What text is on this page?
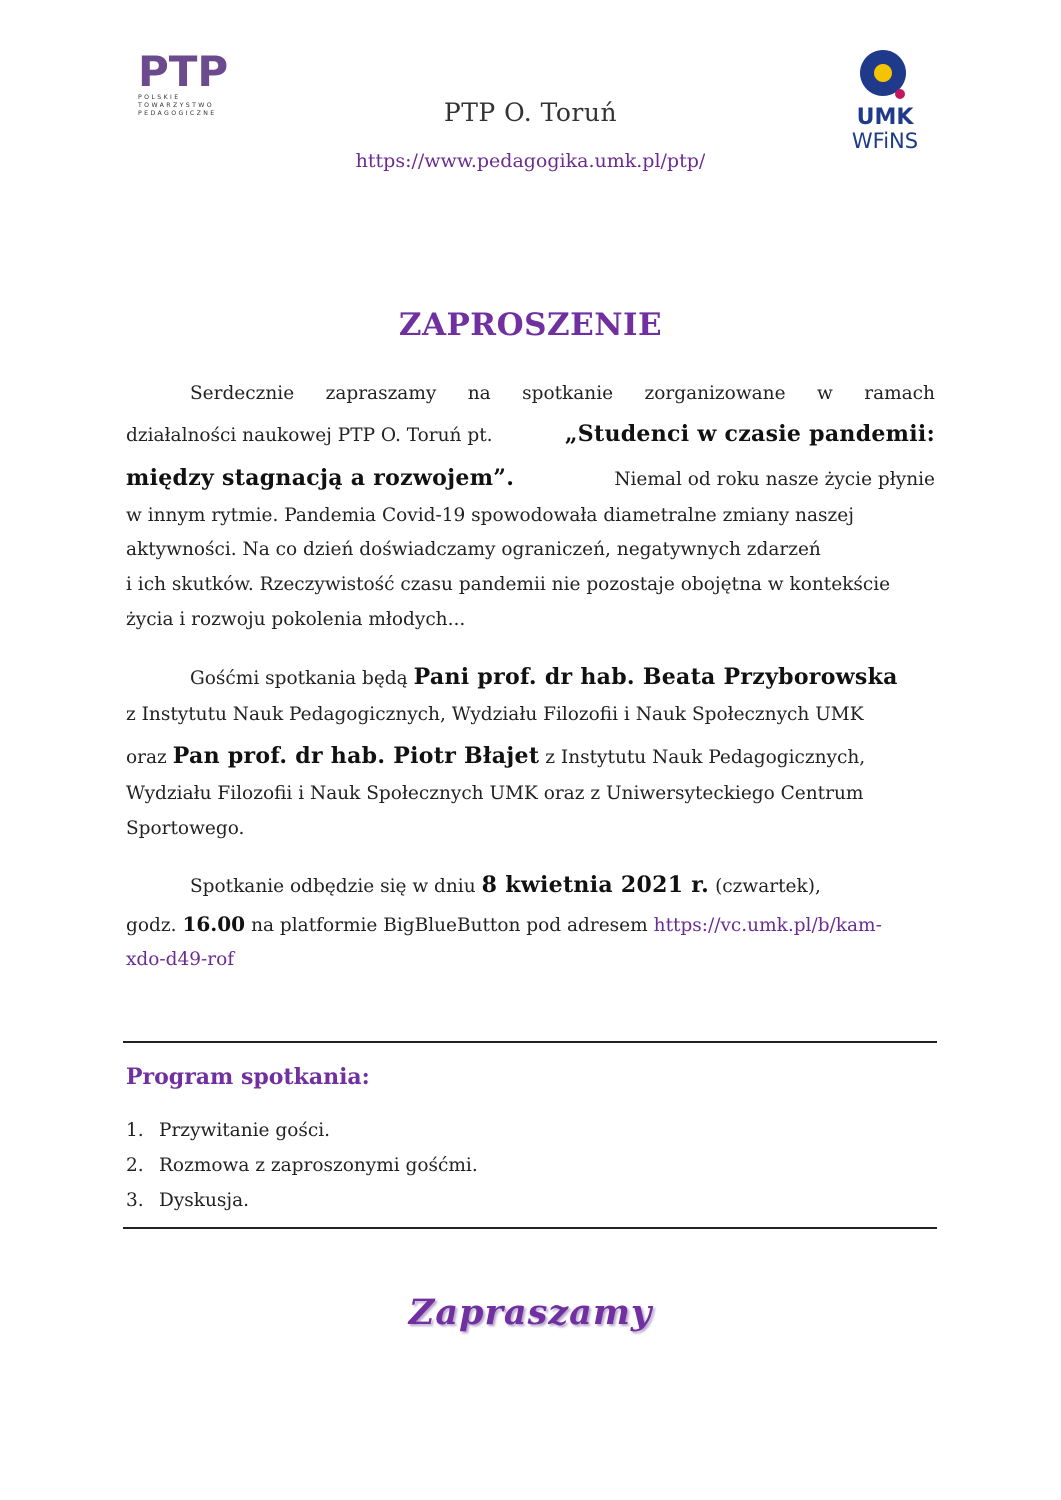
PTP
POLSKIE
TOWARZYSTWO
PEDAGOGICZNE	UMK
WFiNS
PTP O. Toruń
https://www.pedagogika.umk.pl/ptp/
ZAPROSZENIE
Serdecznie zapraszamy na spotkanie zorganizowane w ramach
działalności naukowej PTP O. Toruń pt.	„Studenci w czasie pandemii:
między stagnacją a rozwojem”.	Niemal od roku nasze życie płynie
w innym rytmie. Pandemia Covid-19 spowodowała diametralne zmiany naszej
aktywności. Na co dzień doświadczamy ograniczeń, negatywnych zdarzeń
i ich skutków. Rzeczywistość czasu pandemii nie pozostaje obojętna w kontekście
życia i rozwoju pokolenia młodych...
Gośćmi spotkania będą Pani prof. dr hab. Beata Przyborowska
z Instytutu Nauk Pedagogicznych, Wydziału Filozofii i Nauk Społecznych UMK
oraz Pan prof. dr hab. Piotr Błajet z Instytutu Nauk Pedagogicznych,
Wydziału Filozofii i Nauk Społecznych UMK oraz z Uniwersyteckiego Centrum
Sportowego.
Spotkanie odbędzie się w dniu 8 kwietnia 2021 r. (czwartek),
godz. 16.00 na platformie BigBlueButton pod adresem https://vc.umk.pl/b/kam-
xdo-d49-rof
Program spotkania:
1. Przywitanie gości.
2. Rozmowa z zaproszonymi gośćmi.
3. Dyskusja.
Zapraszamy
